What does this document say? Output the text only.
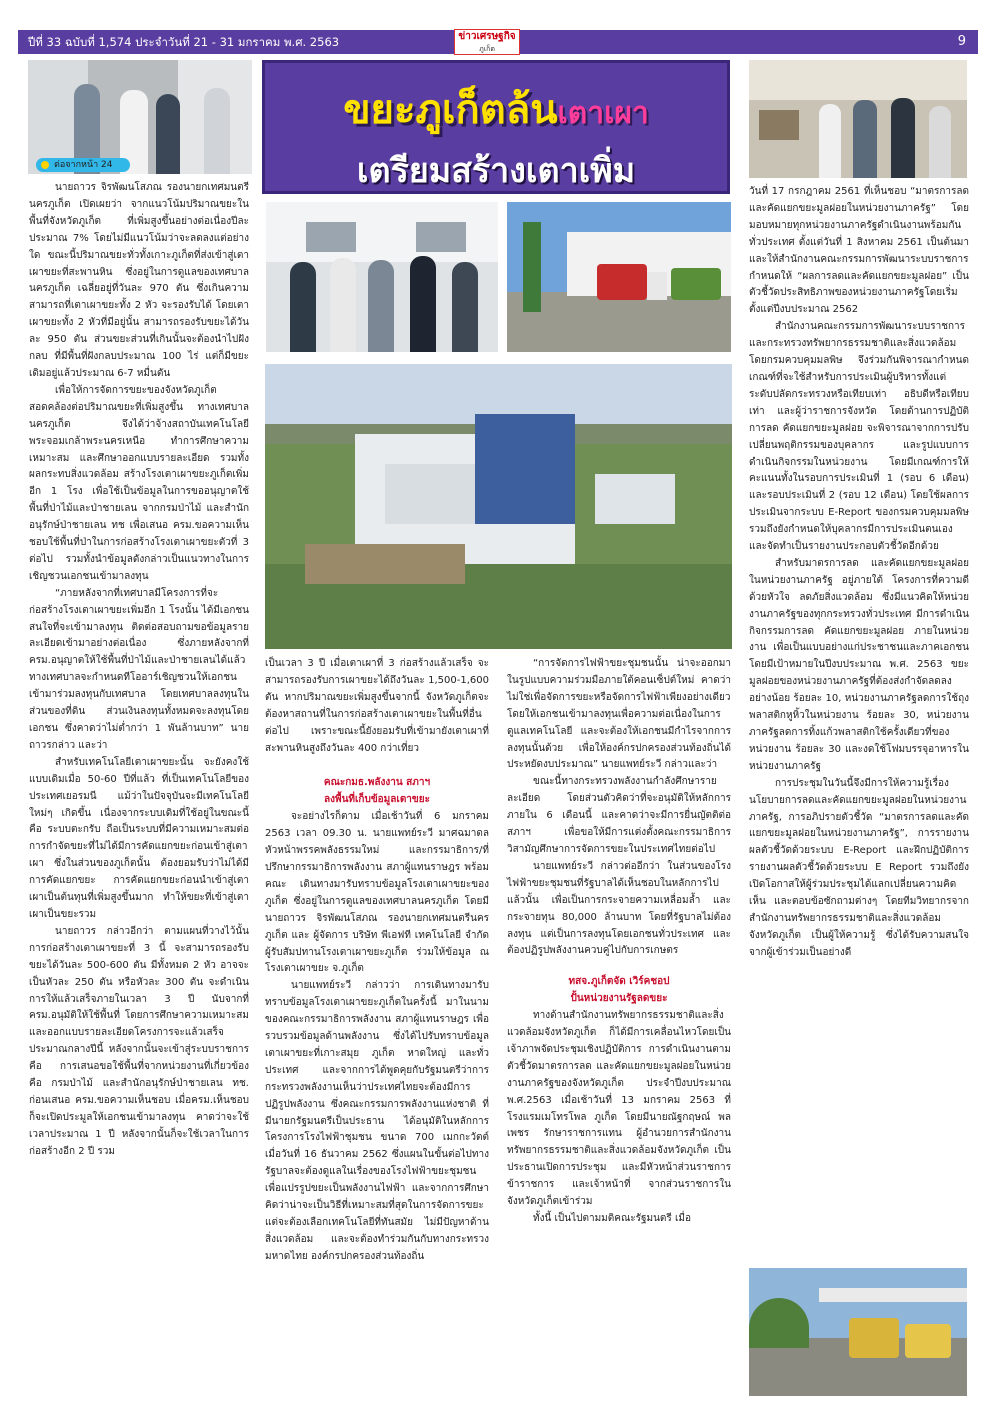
ปีที่ 33 ฉบับที่ 1,574 ประจำวันที่ 21 - 31 มกราคม พ.ศ. 2563	9
ข่าวเศรษฐกิจ
ภูเก็ต
ต่อจากหน้า 24
ขยะภูเก็ตล้นเตาเผา
เตรียมสร้างเตาเพิ่ม

นายถาวร จิรพัฒนโสภณ รองนายกเทศมนตรีนครภูเก็ต เปิดเผยว่า จากแนวโน้มปริมาณขยะในพื้นที่จังหวัดภูเก็ต ที่เพิ่มสูงขึ้นอย่างต่อเนื่องปีละประมาณ 7% โดยไม่มีแนวโน้มว่าจะลดลงแต่อย่างใด ขณะนี้ปริมาณขยะทั่วทั้งเกาะภูเก็ตที่ส่งเข้าสู่เตาเผาขยะที่สะพานหิน ซึ่งอยู่ในการดูแลของเทศบาลนครภูเก็ต เฉลี่ยอยู่ที่วันละ 970 ตัน ซึ่งเกินความสามารถที่เตาเผาขยะทั้ง 2 หัว จะรองรับได้ โดยเตาเผาขยะทั้ง 2 หัวที่มีอยู่นั้น สามารถรองรับขยะได้วันละ 950 ตัน ส่วนขยะส่วนที่เกินนั้นจะต้องนำไปฝังกลบ ที่มีพื้นที่ฝังกลบประมาณ 100 ไร่ แต่ก็มีขยะเดิมอยู่แล้วประมาณ 6-7 หมื่นตัน

เพื่อให้การจัดการขยะของจังหวัดภูเก็ตสอดคล้องต่อปริมาณขยะที่เพิ่มสูงขึ้น ทางเทศบาลนครภูเก็ต จึงได้ว่าจ้างสถาบันเทคโนโลยีพระจอมเกล้าพระนครเหนือ ทำการศึกษาความเหมาะสม และศึกษาออกแบบรายละเอียด รวมทั้งผลกระทบสิ่งแวดล้อม สร้างโรงเตาเผาขยะภูเก็ตเพิ่มอีก 1 โรง เพื่อใช้เป็นข้อมูลในการขออนุญาตใช้พื้นที่ป่าไม้และป่าชายเลน จากกรมป่าไม้ และสำนักอนุรักษ์ป่าชายเลน ทช เพื่อเสนอ ครม.ขอความเห็นชอบใช้พื้นที่ป่าในการก่อสร้างโรงเตาเผาขยะตัวที่ 3 ต่อไป รวมทั้งนำข้อมูลดังกล่าวเป็นแนวทางในการเชิญชวนเอกชนเข้ามาลงทุน

“ภายหลังจากที่เทศบาลมีโครงการที่จะก่อสร้างโรงเตาเผาขยะเพิ่มอีก 1 โรงนั้น ได้มีเอกชนสนใจที่จะเข้ามาลงทุน ติดต่อสอบถามขอข้อมูลรายละเอียดเข้ามาอย่างต่อเนื่อง ซึ่งภายหลังจากที่ ครม.อนุญาตให้ใช้พื้นที่ป่าไม้และป่าชายเลนได้แล้ว ทางเทศบาลจะกำหนดทีโออาร์เชิญชวนให้เอกชนเข้ามาร่วมลงทุนกับเทศบาล โดยเทศบาลลงทุนในส่วนของที่ดิน ส่วนเงินลงทุนทั้งหมดจะลงทุนโดยเอกชน ซึ่งคาดว่าไม่ต่ำกว่า 1 พันล้านบาท” นายถาวรกล่าว และว่า

สำหรับเทคโนโลยีเตาเผาขยะนั้น จะยังคงใช้แบบเดิมเมื่อ 50-60 ปีที่แล้ว ที่เป็นเทคโนโลยีของประเทศเยอรมนี แม้ว่าในปัจจุบันจะมีเทคโนโลยีใหม่ๆ เกิดขึ้น เนื่องจากระบบเดิมที่ใช้อยู่ในขณะนี้ คือ ระบบตะกรับ ถือเป็นระบบที่มีความเหมาะสมต่อการกำจัดขยะที่ไม่ได้มีการคัดแยกขยะก่อนเข้าสู่เตาเผา ซึ่งในส่วนของภูเก็ตนั้น ต้องยอมรับว่าไม่ได้มีการคัดแยกขยะ การคัดแยกขยะก่อนนำเข้าสู่เตาเผาเป็นต้นทุนที่เพิ่มสูงขึ้นมาก ทำให้ขยะที่เข้าสู่เตาเผาเป็นขยะรวม

นายถาวร กล่าวอีกว่า ตามแผนที่วางไว้นั้น การก่อสร้างเตาเผาขยะที่ 3 นี้ จะสามารถรองรับขยะได้วันละ 500-600 ตัน มีทั้งหมด 2 หัว อาจจะเป็นหัวละ 250 ตัน หรือหัวละ 300 ตัน จะดำเนินการให้แล้วเสร็จภายในเวลา 3 ปี นับจากที่ ครม.อนุมัติให้ใช้พื้นที่ โดยการศึกษาความเหมาะสมและออกแบบรายละเอียดโครงการจะแล้วเสร็จประมาณกลางปีนี้ หลังจากนั้นจะเข้าสู่ระบบราชการ คือ การเสนอขอใช้พื้นที่จากหน่วยงานที่เกี่ยวข้อง คือ กรมป่าไม้ และสำนักอนุรักษ์ป่าชายเลน ทช. ก่อนเสนอ ครม.ขอความเห็นชอบ เมื่อครม.เห็นชอบก็จะเปิดประมูลให้เอกชนเข้ามาลงทุน คาดว่าจะใช้เวลาประมาณ 1 ปี หลังจากนั้นก็จะใช้เวลาในการก่อสร้างอีก 2 ปี รวม

เป็นเวลา 3 ปี เมื่อเตาเผาที่ 3 ก่อสร้างแล้วเสร็จ จะสามารถรองรับการเผาขยะได้ถึงวันละ 1,500-1,600 ตัน หากปริมาณขยะเพิ่มสูงขึ้นจากนี้ จังหวัดภูเก็ตจะต้องหาสถานที่ในการก่อสร้างเตาเผาขยะในพื้นที่อื่นต่อไป เพราะขณะนี้ยังยอมรับที่เข้ามายังเตาเผาที่สะพานหินสูงถึงวันละ 400 กว่าเที่ยว

คณะกมธ.พลังงาน สภาฯ

ลงพื้นที่เก็บข้อมูลเตาขยะ

จะอย่างไรก็ตาม เมื่อเช้าวันที่ 6 มกราคม 2563 เวลา 09.30 น. นายแพทย์ระวี มาศฉมาดล หัวหน้าพรรคพลังธรรมใหม่ และกรรมาธิการ/ที่ปรึกษากรรมาธิการพลังงาน สภาผู้แทนราษฎร พร้อมคณะ เดินทางมารับทราบข้อมูลโรงเตาเผาขยะของภูเก็ต ซึ่งอยู่ในการดูแลของเทศบาลนครภูเก็ต โดยมี นายถาวร จิรพัฒนโสภณ รองนายกเทศมนตรีนครภูเก็ต และ ผู้จัดการ บริษัท พีเอฟที เทคโนโลยี จำกัด ผู้รับสัมปทานโรงเตาเผาขยะภูเก็ต ร่วมให้ข้อมูล ณ โรงเตาเผาขยะ จ.ภูเก็ต

นายแพทย์ระวี กล่าวว่า การเดินทางมารับทราบข้อมูลโรงเตาเผาขยะภูเก็ตในครั้งนี้ มาในนามของคณะกรรมาธิการพลังงาน สภาผู้แทนราษฎร เพื่อรวบรวมข้อมูลด้านพลังงาน ซึ่งได้ไปรับทราบข้อมูลเตาเผาขยะที่เกาะสมุย ภูเก็ต หาดใหญ่ และทั่วประเทศ และจากการได้พูดคุยกับรัฐมนตรีว่าการกระทรวงพลังงานเห็นว่าประเทศไทยจะต้องมีการปฏิรูปพลังงาน ซึ่งคณะกรรมการพลังงานแห่งชาติ ที่มีนายกรัฐมนตรีเป็นประธาน ได้อนุมัติในหลักการโครงการโรงไฟฟ้าชุมชน ขนาด 700 เมกกะวัตต์ เมื่อวันที่ 16 ธันวาคม 2562 ซึ่งแผนในขั้นต่อไปทางรัฐบาลจะต้องดูแลในเรื่องของโรงไฟฟ้าขยะชุมชนเพื่อแปรรูปขยะเป็นพลังงานไฟฟ้า และจากการศึกษาคิดว่าน่าจะเป็นวิธีที่เหมาะสมที่สุดในการจัดการขยะ แต่จะต้องเลือกเทคโนโลยีที่ทันสมัย ไม่มีปัญหาด้านสิ่งแวดล้อม และจะต้องทำร่วมกันกับทางกระทรวงมหาดไทย องค์กรปกครองส่วนท้องถิ่น

“การจัดการไฟฟ้าขยะชุมชนนั้น น่าจะออกมาในรูปแบบความร่วมมือภายใต้คอนเซ็ปต์ใหม่ คาดว่าไม่ใช่เพื่อจัดการขยะหรือจัดการไฟฟ้าเพียงอย่างเดียว โดยให้เอกชนเข้ามาลงทุนเพื่อความต่อเนื่องในการดูแลเทคโนโลยี และจะต้องให้เอกชนมีกำไรจากการลงทุนนั้นด้วย เพื่อให้องค์กรปกครองส่วนท้องถิ่นได้ประหยัดงบประมาณ” นายแพทย์ระวี กล่าวและว่า

ขณะนี้ทางกระทรวงพลังงานกำลังศึกษารายละเอียด โดยส่วนตัวคิดว่าที่จะอนุมัติให้หลักการภายใน 6 เดือนนี้ และคาดว่าจะมีการยื่นญัตติต่อสภาฯ เพื่อขอให้มีการแต่งตั้งคณะกรรมาธิการวิสามัญศึกษาการจัดการขยะในประเทศไทยต่อไป

นายแพทย์ระวี กล่าวต่ออีกว่า ในส่วนของโรงไฟฟ้าขยะชุมชนที่รัฐบาลได้เห็นชอบในหลักการไปแล้วนั้น เพื่อเป็นการกระจายความเหลื่อมล้ำ และกระจายทุน 80,000 ล้านบาท โดยที่รัฐบาลไม่ต้องลงทุน แต่เป็นการลงทุนโดยเอกชนทั่วประเทศ และต้องปฏิรูปพลังงานควบคู่ไปกับการเกษตร

ทสจ.ภูเก็ตจัด เวิร์คชอป

ปั้นหน่วยงานรัฐลดขยะ

ทางด้านสำนักงานทรัพยากรธรรมชาติและสิ่งแวดล้อมจังหวัดภูเก็ต ก็ได้มีการเคลื่อนไหวโดยเป็นเจ้าภาพจัดประชุมเชิงปฏิบัติการ การดำเนินงานตามตัวชี้วัดมาตรการลด และคัดแยกขยะมูลฝอยในหน่วยงานภาครัฐของจังหวัดภูเก็ต ประจำปีงบประมาณ พ.ศ.2563 เมื่อเช้าวันที่ 13 มกราคม 2563 ที่ โรงแรมเมโทรโพล ภูเก็ต โดยมีนายณัฐกฤษณ์ พลเพชร รักษาราชการแทน ผู้อำนวยการสำนักงานทรัพยากรธรรมชาติและสิ่งแวดล้อมจังหวัดภูเก็ต เป็นประธานเปิดการประชุม และมีหัวหน้าส่วนราชการ ข้าราชการ และเจ้าหน้าที่ จากส่วนราชการในจังหวัดภูเก็ตเข้าร่วม

ทั้งนี้ เป็นไปตามมติคณะรัฐมนตรี เมื่อ

วันที่ 17 กรกฎาคม 2561 ที่เห็นชอบ “มาตรการลด และคัดแยกขยะมูลฝอยในหน่วยงานภาครัฐ” โดยมอบหมายทุกหน่วยงานภาครัฐดำเนินงานพร้อมกันทั่วประเทศ ตั้งแต่วันที่ 1 สิงหาคม 2561 เป็นต้นมา และให้สำนักงานคณะกรรมการพัฒนาระบบราชการกำหนดให้ “ผลการลดและคัดแยกขยะมูลฝอย” เป็นตัวชี้วัดประสิทธิภาพของหน่วยงานภาครัฐโดยเริ่มตั้งแต่ปีงบประมาณ 2562

สำนักงานคณะกรรมการพัฒนาระบบราชการ และกระทรวงทรัพยากรธรรมชาติและสิ่งแวดล้อมโดยกรมควบคุมมลพิษ จึงร่วมกันพิจารณากำหนดเกณฑ์ที่จะใช้สำหรับการประเมินผู้บริหารทั้งแต่ระดับปลัดกระทรวงหรือเทียบเท่า อธิบดีหรือเทียบเท่า และผู้ว่าราชการจังหวัด โดยด้านการปฏิบัติ การลด คัดแยกขยะมูลฝอย จะพิจารณาจากการปรับเปลี่ยนพฤติกรรมของบุคลากร และรูปแบบการดำเนินกิจกรรมในหน่วยงาน โดยมีเกณฑ์การให้คะแนนทั้งในรอบการประเมินที่ 1 (รอบ 6 เดือน) และรอบประเมินที่ 2 (รอบ 12 เดือน) โดยใช้ผลการประเมินจากระบบ E-Report ของกรมควบคุมมลพิษ รวมถึงยังกำหนดให้บุคลากรมีการประเมินตนเอง และจัดทำเป็นรายงานประกอบตัวชี้วัดอีกด้วย

สำหรับมาตรการลด และคัดแยกขยะมูลฝอยในหน่วยงานภาครัฐ อยู่ภายใต้ โครงการที่ความดีด้วยหัวใจ ลดภัยสิ่งแวดล้อม ซึ่งมีแนวคิดให้หน่วยงานภาครัฐของทุกกระทรวงทั่วประเทศ มีการดำเนินกิจกรรมการลด คัดแยกขยะมูลฝอย ภายในหน่วยงาน เพื่อเป็นแบบอย่างแก่ประชาชนและภาคเอกชน โดยมีเป้าหมายในปีงบประมาณ พ.ศ. 2563 ขยะมูลฝอยของหน่วยงานภาครัฐที่ต้องส่งกำจัดลดลงอย่างน้อย ร้อยละ 10, หน่วยงานภาครัฐลดการใช้ถุงพลาสติกหูหิ้วในหน่วยงาน ร้อยละ 30, หน่วยงานภาครัฐลดการทิ้งแก้วพลาสติกใช้ครั้งเดียวที่ของหน่วยงาน ร้อยละ 30 และงดใช้โฟมบรรจุอาหารในหน่วยงานภาครัฐ

การประชุมในวันนี้จึงมีการให้ความรู้เรื่องนโยบายการลดและคัดแยกขยะมูลฝอยในหน่วยงานภาครัฐ, การอภิปรายตัวชี้วัด “มาตรการลดและคัดแยกขยะมูลฝอยในหน่วยงานภาครัฐ”, การรายงานผลตัวชี้วัดด้วยระบบ E-Report และฝึกปฏิบัติการรายงานผลตัวชี้วัดด้วยระบบ E Report รวมถึงยังเปิดโอกาสให้ผู้ร่วมประชุมได้แลกเปลี่ยนความคิดเห็น และตอบข้อซักถามต่างๆ โดยทีมวิทยากรจากสำนักงานทรัพยากรธรรมชาติและสิ่งแวดล้อมจังหวัดภูเก็ต เป็นผู้ให้ความรู้ ซึ่งได้รับความสนใจจากผู้เข้าร่วมเป็นอย่างดี
